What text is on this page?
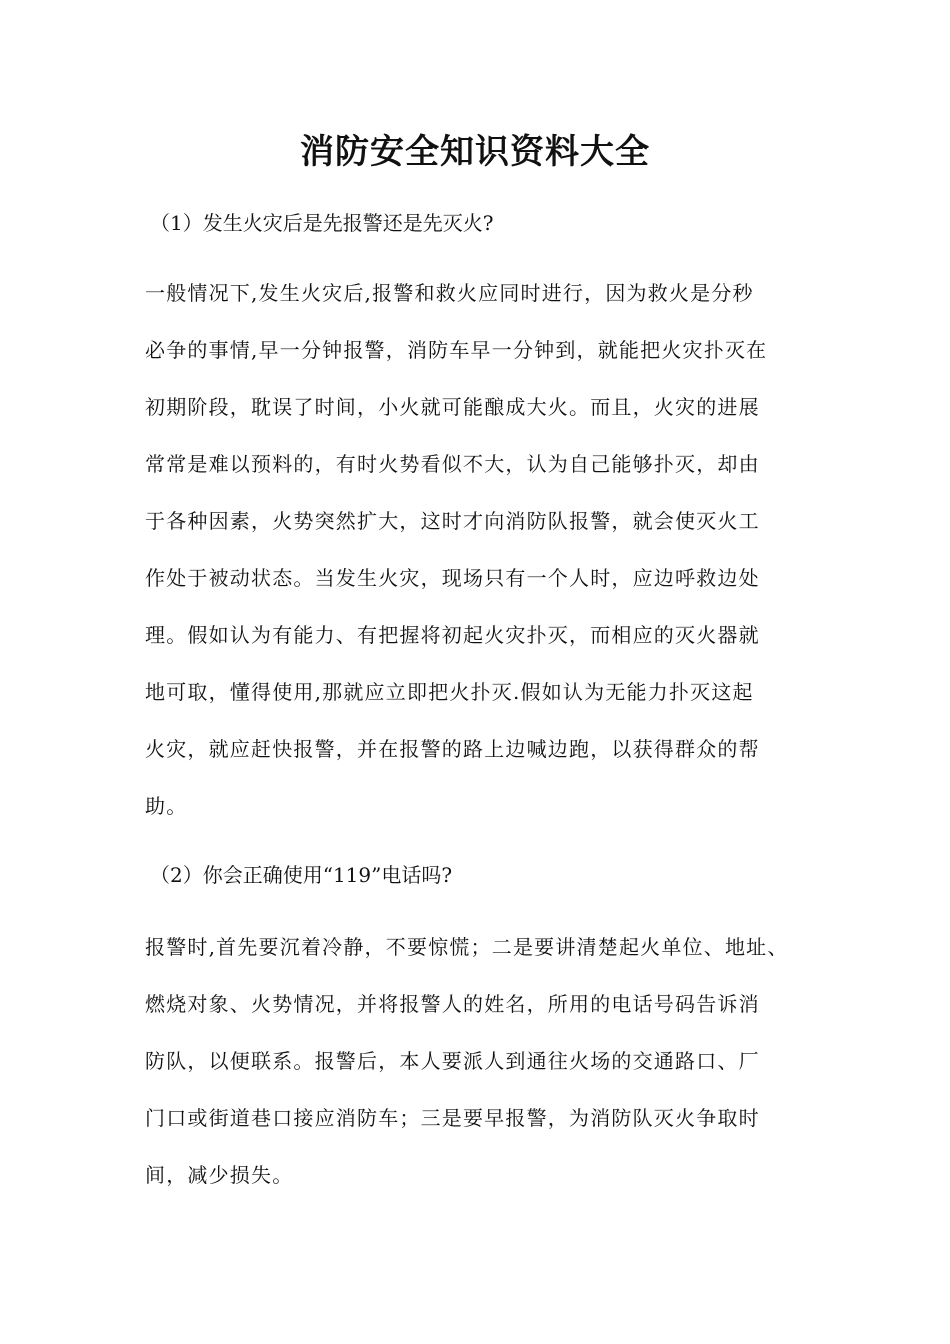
消防安全知识资料大全

（1）发生火灾后是先报警还是先灭火?

一般情况下,发生火灾后,报警和救火应同时进行，因为救火是分秒
必争的事情,早一分钟报警，消防车早一分钟到，就能把火灾扑灭在
初期阶段，耽误了时间，小火就可能酿成大火。而且，火灾的进展
常常是难以预料的，有时火势看似不大，认为自己能够扑灭，却由
于各种因素，火势突然扩大，这时才向消防队报警，就会使灭火工
作处于被动状态。当发生火灾，现场只有一个人时，应边呼救边处
理。假如认为有能力、有把握将初起火灾扑灭，而相应的灭火器就
地可取，懂得使用,那就应立即把火扑灭.假如认为无能力扑灭这起
火灾，就应赶快报警，并在报警的路上边喊边跑，以获得群众的帮
助。

（2）你会正确使用“119”电话吗?

报警时,首先要沉着冷静，不要惊慌；二是要讲清楚起火单位、地址、
燃烧对象、火势情况，并将报警人的姓名，所用的电话号码告诉消
防队，以便联系。报警后，本人要派人到通往火场的交通路口、厂
门口或街道巷口接应消防车；三是要早报警，为消防队灭火争取时
间，减少损失。
